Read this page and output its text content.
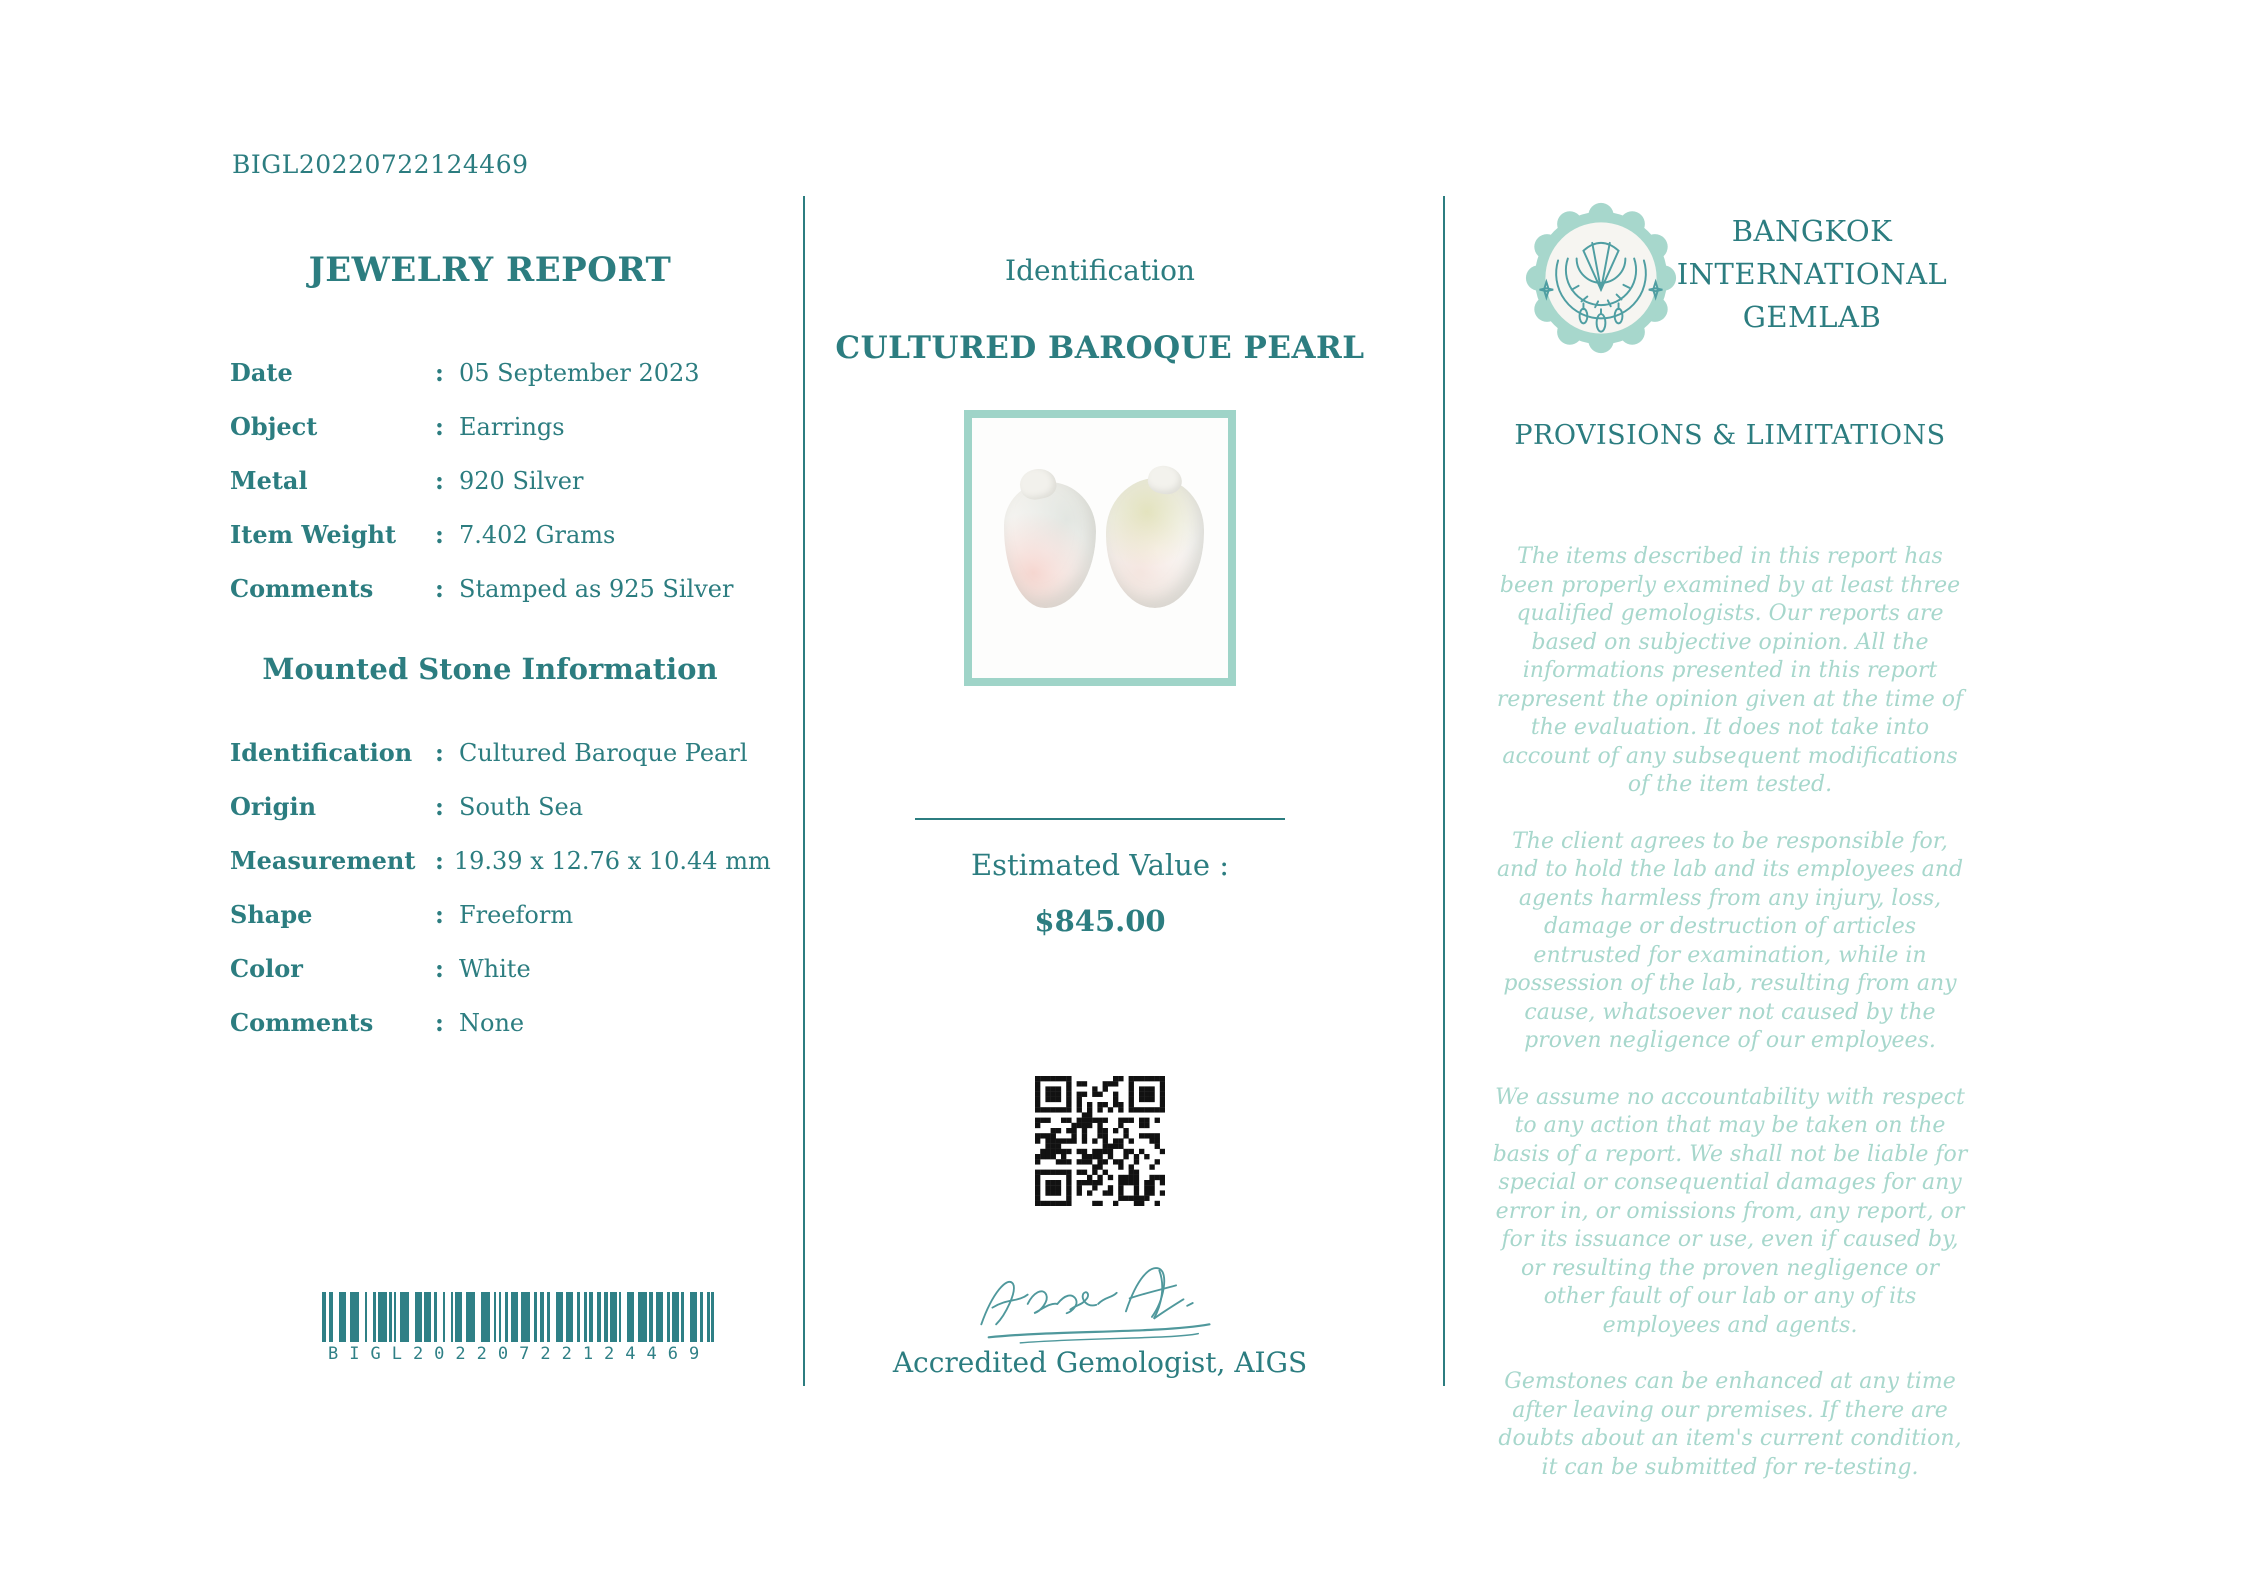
BIGL20220722124469
JEWELRY REPORT
Date	: 05 September 2023
Object	: Earrings
Metal	: 920 Silver
Item Weight	: 7.402 Grams
Comments	: Stamped as 925 Silver
Mounted Stone Information
Identification : Cultured Baroque Pearl
Origin	: South Sea
Measurement : 19.39 x 12.76 x 10.44 mm
Shape	: Freeform
Color	: White
Comments	: None
BIGL20220722124469
Identification
CULTURED BAROQUE PEARL
Estimated Value :
$845.00
Accredited Gemologist, AIGS
BANGKOK
INTERNATIONAL
GEMLAB
PROVISIONS & LIMITATIONS

The items described in this report has been properly examined by at least three qualified gemologists. Our reports are based on subjective opinion. All the informations presented in this report represent the opinion given at the time of the evaluation. It does not take into account of any subsequent modifications of the item tested.

The client agrees to be responsible for, and to hold the lab and its employees and agents harmless from any injury, loss, damage or destruction of articles entrusted for examination, while in possession of the lab, resulting from any cause, whatsoever not caused by the proven negligence of our employees.

We assume no accountability with respect to any action that may be taken on the basis of a report. We shall not be liable for special or consequential damages for any error in, or omissions from, any report, or for its issuance or use, even if caused by, or resulting the proven negligence or other fault of our lab or any of its employees and agents.

Gemstones can be enhanced at any time after leaving our premises. If there are doubts about an item's current condition, it can be submitted for re-testing.
